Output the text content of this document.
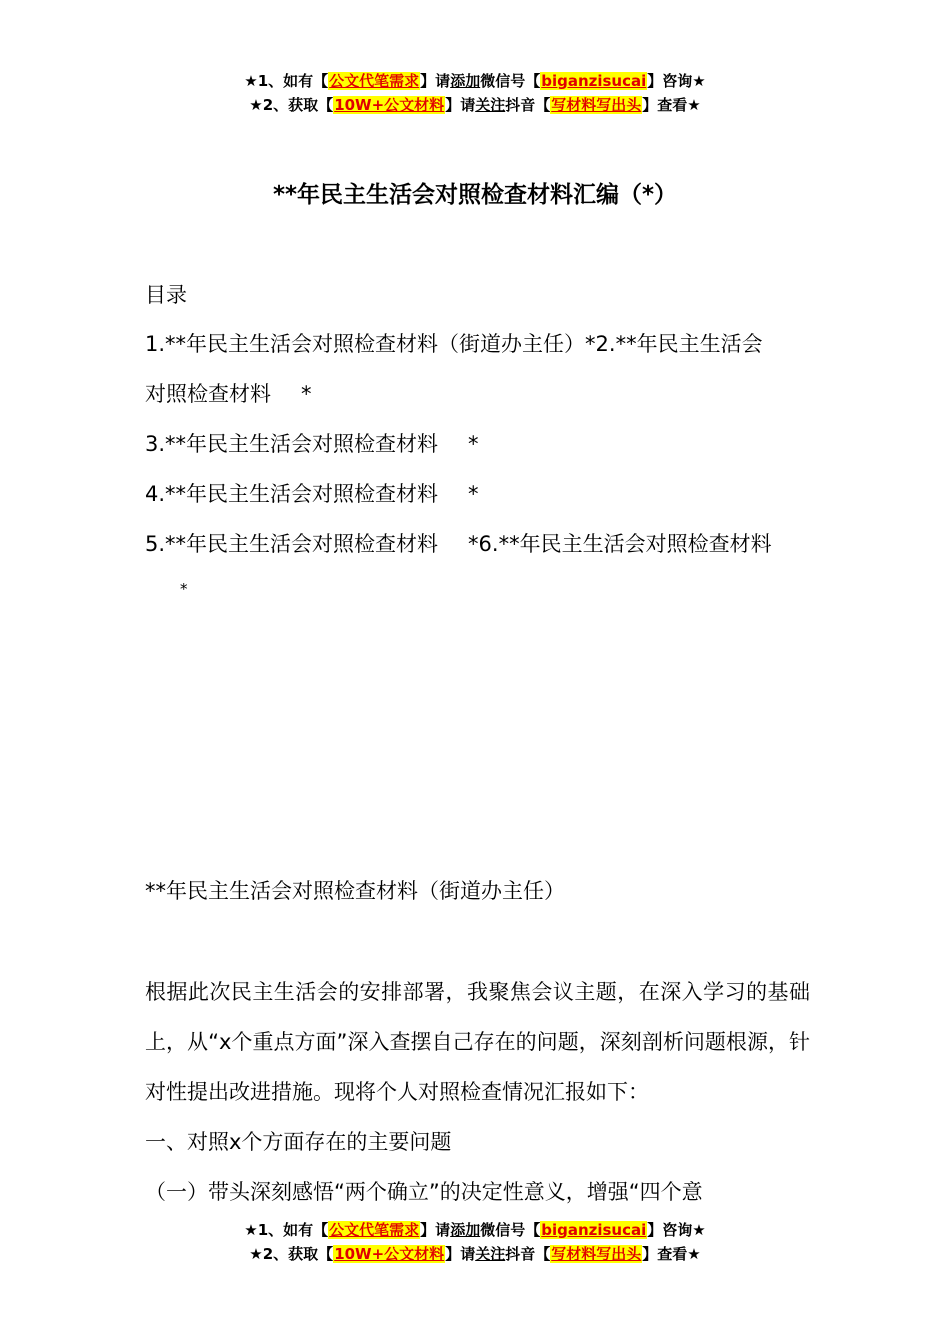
★1、如有【公文代笔需求】请添加微信号【biganzisucai】咨询★
★2、获取【10W+公文材料】请关注抖音【写材料写出头】查看★
**年民主生活会对照检查材料汇编（*）
目录
1.**年民主生活会对照检查材料（街道办主任）*2.**年民主生活会
对照检查材料 *
3.**年民主生活会对照检查材料 *
4.**年民主生活会对照检查材料 *
5.**年民主生活会对照检查材料 *6.**年民主生活会对照检查材料
*
**年民主生活会对照检查材料（街道办主任）
根据此次民主生活会的安排部署，我聚焦会议主题，在深入学习的基础上，从“x个重点方面”深入查摆自己存在的问题，深刻剖析问题根源，针对性提出改进措施。现将个人对照检查情况汇报如下：
一、对照x个方面存在的主要问题
（一）带头深刻感悟“两个确立”的决定性意义，增强“四个意
★1、如有【公文代笔需求】请添加微信号【biganzisucai】咨询★
★2、获取【10W+公文材料】请关注抖音【写材料写出头】查看★
